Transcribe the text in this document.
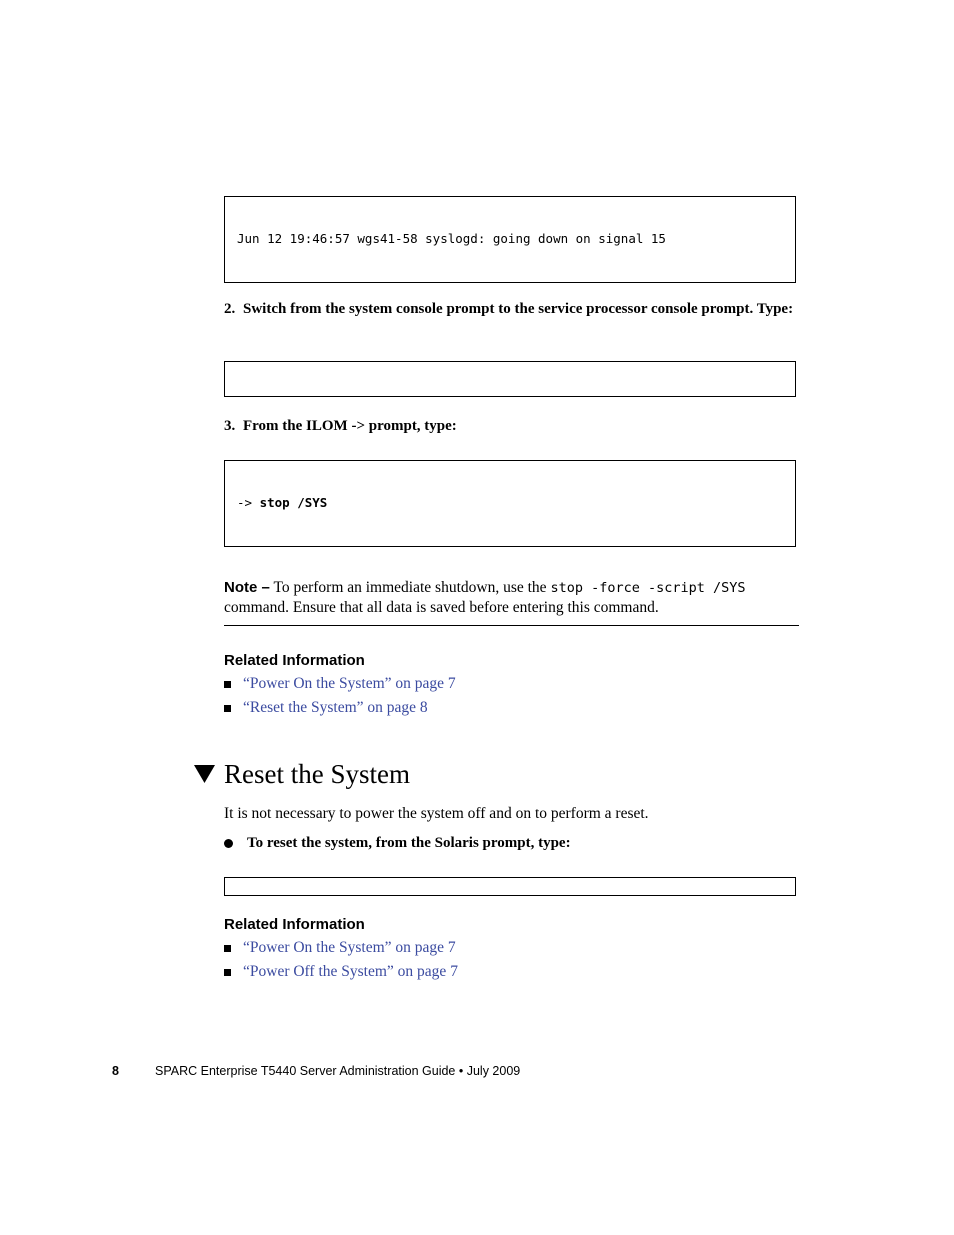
Jun 12 19:46:57 wgs41-58 syslogd: going down on signal 15

2. Switch from the system console prompt to the service processor console prompt. Type:

3. From the ILOM -> prompt, type:

-> stop /SYS

Note – To perform an immediate shutdown, use the stop -force -script /SYS
command. Ensure that all data is saved before entering this command.
Related Information
“Power On the System” on page 7
“Reset the System” on page 8
Reset the System
It is not necessary to power the system off and on to perform a reset.
To reset the system, from the Solaris prompt, type:

Related Information
“Power On the System” on page 7
“Power Off the System” on page 7
8	SPARC Enterprise T5440 Server Administration Guide • July 2009
